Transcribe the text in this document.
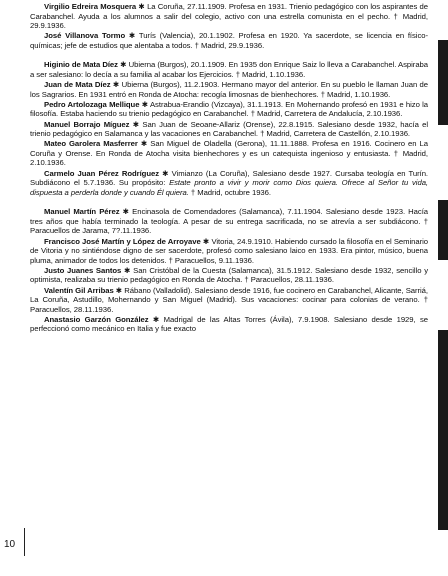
Virgilio Edreira Mosquera ✱ La Coruña, 27.11.1909. Profesa en 1931. Trienio pedagógico con los aspirantes de Carabanchel. Ayuda a los alumnos a salir del colegio, activo con una estrella comunista en el pecho. † Madrid, 29.9.1936.

José Villanova Tormo ✱ Turís (Valencia), 20.1.1902. Profesa en 1920. Ya sacerdote, se licencia en físico-químicas; jefe de estudios que alentaba a todos. † Madrid, 29.9.1936.

Higinio de Mata Díez ✱ Ubierna (Burgos), 20.1.1909. En 1935 don Enrique Saiz lo lleva a Carabanchel. Aspiraba a ser salesiano: lo decía a su familia al acabar los Ejercicios. † Madrid, 1.10.1936.

Juan de Mata Díez ✱ Ubierna (Burgos), 11.2.1903. Hermano mayor del anterior. En su pueblo le llaman Juan de los Sagrarios. En 1931 entró en Ronda de Atocha: recogía limosnas de bienhechores. † Madrid, 1.10.1936.

Pedro Artolozaga Mellique ✱ Astrabua-Erandio (Vizcaya), 31.1.1913. En Mohernando profesó en 1931 e hizo la filosofía. Estaba haciendo su trienio pedagógico en Carabanchel. † Madrid, Carretera de Andalucía, 2.10.1936.

Manuel Borrajo Míguez ✱ San Juan de Seoane-Allariz (Orense), 22.8.1915. Salesiano desde 1932, hacía el trienio pedagógico en Salamanca y las vacaciones en Carabanchel. † Madrid, Carretera de Castellón, 2.10.1936.

Mateo Garolera Masferrer ✱ San Miguel de Oladella (Gerona), 11.11.1888. Profesa en 1916. Cocinero en La Coruña y Orense. En Ronda de Atocha visita bienhechores y es un catequista ingenioso y entusiasta. † Madrid, 2.10.1936.

Carmelo Juan Pérez Rodríguez ✱ Vimianzo (La Coruña), Salesiano desde 1927. Cursaba teología en Turín. Subdiácono el 5.7.1936. Su propósito: Estate pronto a vivir y morir como Dios quiera. Ofrece al Señor tu vida, dispuesta a perderla donde y cuando Él quiera. † Madrid, octubre 1936.

Manuel Martín Pérez ✱ Encinasola de Comendadores (Salamanca), 7.11.1904. Salesiano desde 1923. Hacía tres años que había terminado la teología. A pesar de su entrega sacrificada, no se atrevía a ser subdiácono. † Paracuellos de Jarama, 7?.11.1936.

Francisco José Martín y López de Arroyave ✱ Vitoria, 24.9.1910. Habiendo cursado la filosofía en el Seminario de Vitoria y no sintiéndose digno de ser sacerdote, profesó como salesiano laico en 1933. Era pintor, músico, buena pluma, animador de todos los detenidos. † Paracuellos, 9.11.1936.

Justo Juanes Santos ✱ San Cristóbal de la Cuesta (Salamanca), 31.5.1912. Salesiano desde 1932, sencillo y optimista, realizaba su trienio pedagógico en Ronda de Atocha. † Paracuellos, 28.11.1936.

Valentín Gil Arribas ✱ Rábano (Valladolid). Salesiano desde 1916, fue cocinero en Carabanchel, Alicante, Sarriá, La Coruña, Astudillo, Mohernando y San Miguel (Madrid). Sus vacaciones: cocinar para colonias de verano. † Paracuellos, 28.11.1936.

Anastasio Garzón González ✱ Madrigal de las Altas Torres (Ávila), 7.9.1908. Salesiano desde 1929, se perfeccionó como mecánico en Italia y fue exacto

10
